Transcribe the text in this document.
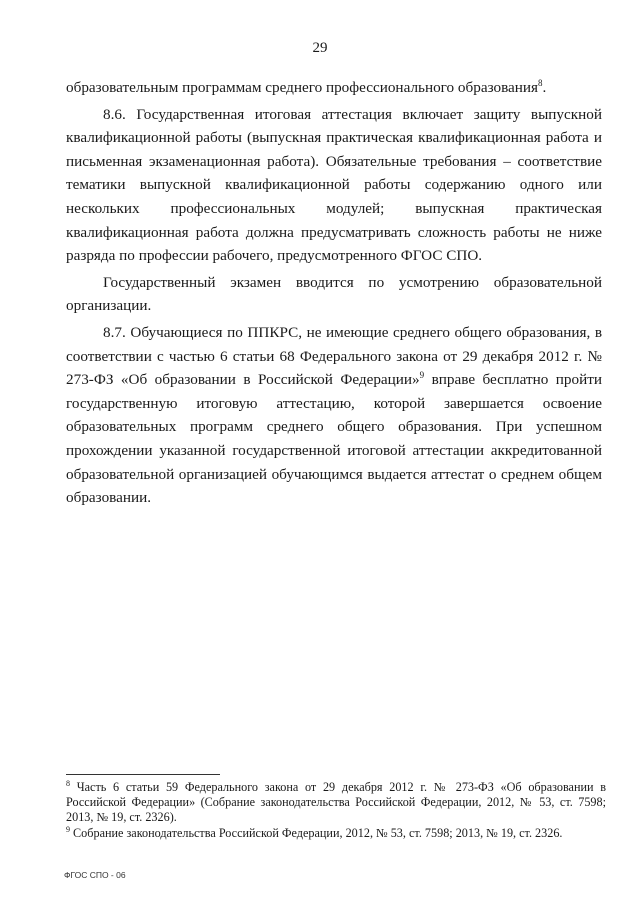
29

образовательным программам среднего профессионального образования$^8$.

8.6. Государственная итоговая аттестация включает защиту выпускной квалификационной работы (выпускная практическая квалификационная работа и письменная экзаменационная работа). Обязательные требования – соответствие тематики выпускной квалификационной работы содержанию одного или нескольких профессиональных модулей; выпускная практическая квалификационная работа должна предусматривать сложность работы не ниже разряда по профессии рабочего, предусмотренного ФГОС СПО.

Государственный экзамен вводится по усмотрению образовательной организации.

8.7. Обучающиеся по ППКРС, не имеющие среднего общего образования, в соответствии с частью 6 статьи 68 Федерального закона от 29 декабря 2012 г. № 273-ФЗ «Об образовании в Российской Федерации»$^9$ вправе бесплатно пройти государственную итоговую аттестацию, которой завершается освоение образовательных программ среднего общего образования. При успешном прохождении указанной государственной итоговой аттестации аккредитованной образовательной организацией обучающимся выдается аттестат о среднем общем образовании.

$^8$ Часть 6 статьи 59 Федерального закона от 29 декабря 2012 г. № 273-ФЗ «Об образовании в Российской Федерации» (Собрание законодательства Российской Федерации, 2012, № 53, ст. 7598; 2013, № 19, ст. 2326).

$^9$ Собрание законодательства Российской Федерации, 2012, № 53, ст. 7598; 2013, № 19, ст. 2326.

ФГОС СПО - 06
